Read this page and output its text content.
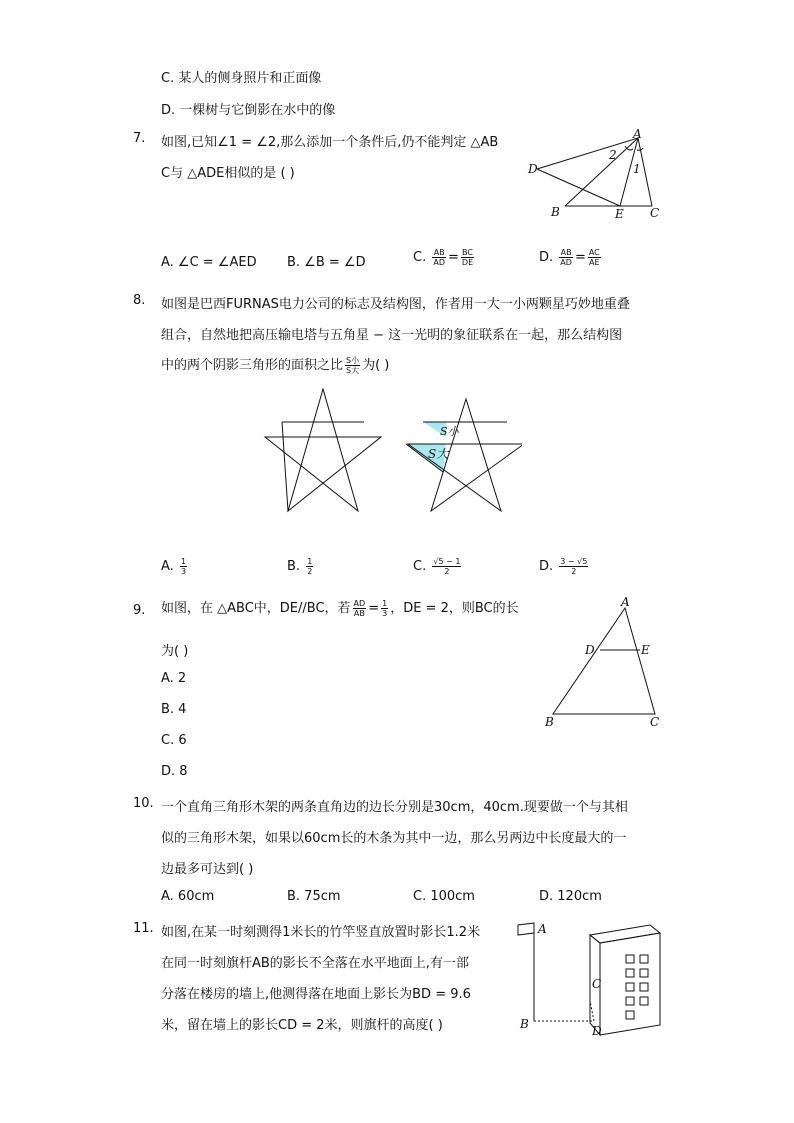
C. 某人的侧身照片和正面像
D. 一棵树与它倒影在水中的像
7. 如图,已知∠1 = ∠2,那么添加一个条件后,仍不能判定 △AB
C与 △ADE相似的是 ( )
A
D
B	E C
2
1
A. ∠C = ∠AED B. ∠B = ∠D	C. $\frac{AB}{AD} = \frac{BC}{DE}$	D. $\frac{AB}{AD} = \frac{AC}{AE}$
8. 如图是巴西FURNAS电力公司的标志及结构图，作者用一大一小两颗星巧妙地重叠
组合，自然地把高压输电塔与五角星 − 这一光明的象征联系在一起，那么结构图
中的两个阴影三角形的面积之比 $\frac{\text{S小}}{\text{S大}}$ 为( )
S小
S大
A. $\frac{1}{3}$	B. $\frac{1}{2}$	C. $\frac{√5 - 1}{2}$	D. $\frac{3 - √5}{2}$
9. 如图，在 △ABC中，DE//BC，若 $\frac{AD}{AB} = \frac{1}{3}$ ，DE = 2，则BC的长
为( )
A. 2
B. 4
C. 6
D. 8
A
D	E
B	C
10. 一个直角三角形木架的两条直角边的边长分别是30cm，40cm.现要做一个与其相
似的三角形木架，如果以60cm长的木条为其中一边，那么另两边中长度最大的一
边最多可达到( )
A. 60cm	B. 75cm	C. 100cm	D. 120cm
11. 如图,在某一时刻测得1米长的竹竿竖直放置时影长1.2米
在同一时刻旗杆AB的影长不全落在水平地面上,有一部
分落在楼房的墙上,他测得落在地面上影长为BD = 9.6
米，留在墙上的影长CD = 2米，则旗杆的高度( )
A
B
C
D
